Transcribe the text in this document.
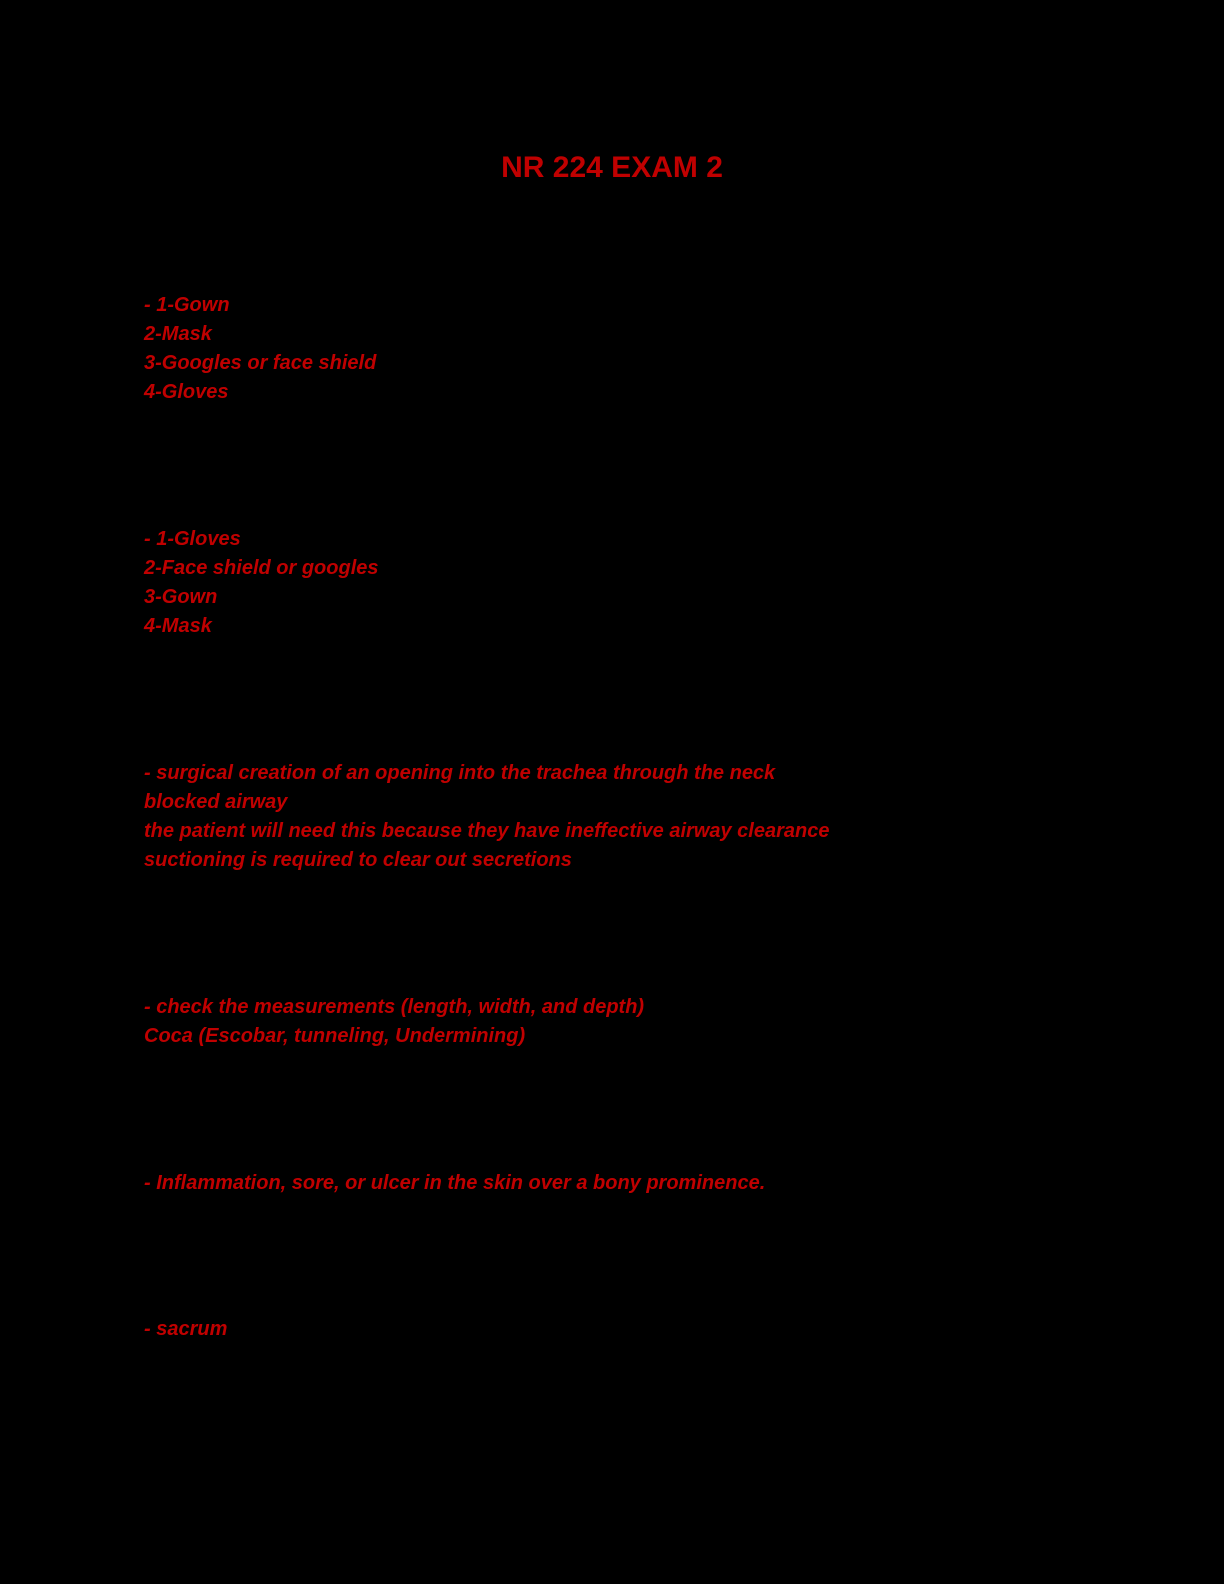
NR 224 EXAM 2
- 1-Gown
2-Mask
3-Googles or face shield
4-Gloves
- 1-Gloves
2-Face shield or googles
3-Gown
4-Mask
- surgical creation of an opening into the trachea through the neck
blocked airway
the patient will need this because they have ineffective airway clearance
suctioning is required to clear out secretions
- check the measurements (length, width, and depth)
Coca (Escobar, tunneling, Undermining)
- Inflammation, sore, or ulcer in the skin over a bony prominence.
- sacrum
